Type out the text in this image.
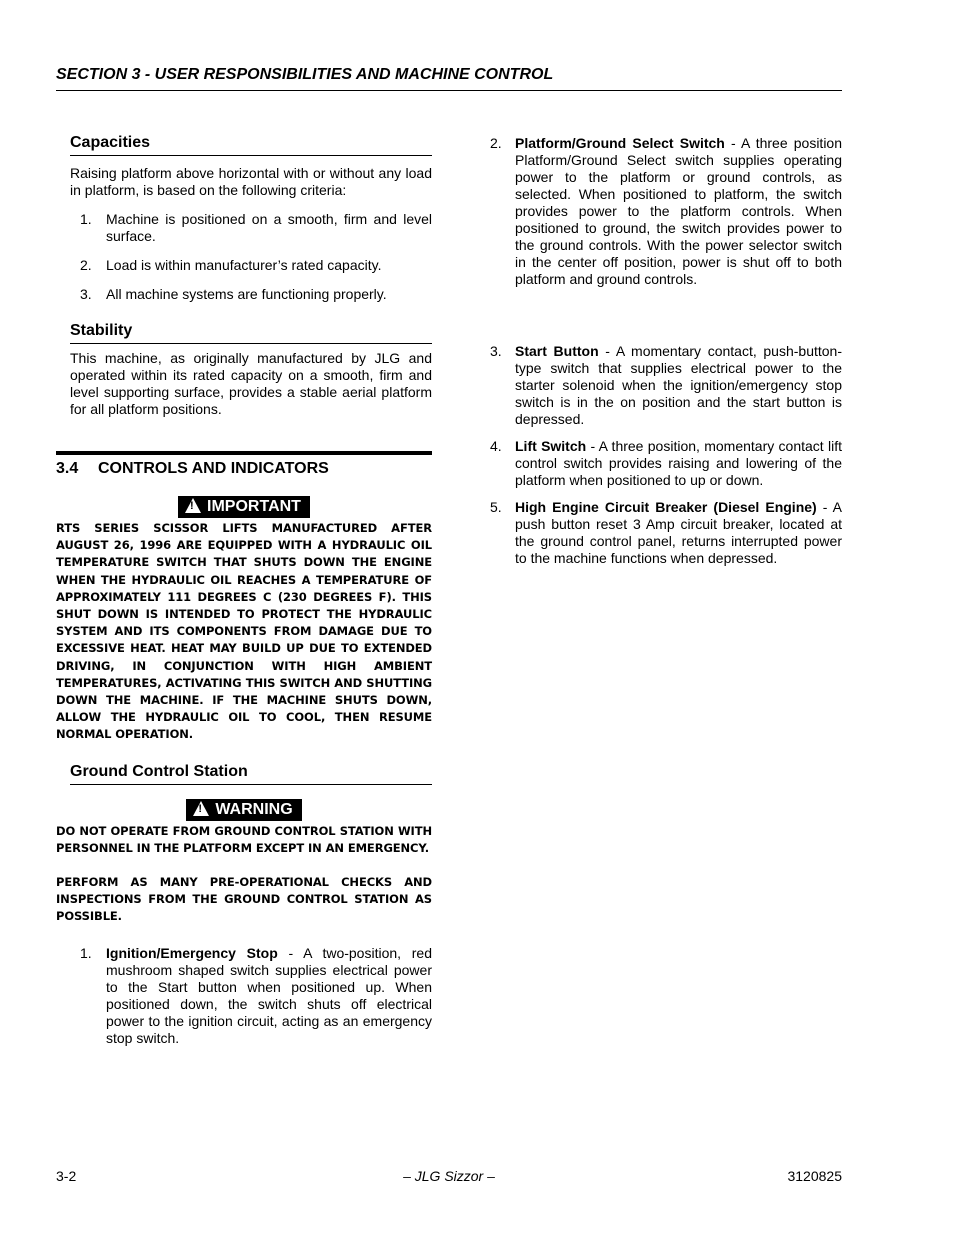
SECTION 3 - USER RESPONSIBILITIES AND MACHINE CONTROL
Capacities
Raising platform above horizontal with or without any load in platform, is based on the following criteria:
1. Machine is positioned on a smooth, firm and level surface.
2. Load is within manufacturer’s rated capacity.
3. All machine systems are functioning properly.
Stability
This machine, as originally manufactured by JLG and operated within its rated capacity on a smooth, firm and level supporting surface, provides a stable aerial platform for all platform positions.
3.4 CONTROLS AND INDICATORS
! IMPORTANT
RTS SERIES SCISSOR LIFTS MANUFACTURED AFTER AUGUST 26, 1996 ARE EQUIPPED WITH A HYDRAULIC OIL TEMPERATURE SWITCH THAT SHUTS DOWN THE ENGINE WHEN THE HYDRAULIC OIL REACHES A TEMPERATURE OF APPROXIMATELY 111 DEGREES C (230 DEGREES F). THIS SHUT DOWN IS INTENDED TO PROTECT THE HYDRAULIC SYSTEM AND ITS COMPONENTS FROM DAMAGE DUE TO EXCESSIVE HEAT. HEAT MAY BUILD UP DUE TO EXTENDED DRIVING, IN CONJUNCTION WITH HIGH AMBIENT TEMPERATURES, ACTIVATING THIS SWITCH AND SHUTTING DOWN THE MACHINE. IF THE MACHINE SHUTS DOWN, ALLOW THE HYDRAULIC OIL TO COOL, THEN RESUME NORMAL OPERATION.
Ground Control Station
! WARNING
DO NOT OPERATE FROM GROUND CONTROL STATION WITH PERSONNEL IN THE PLATFORM EXCEPT IN AN EMERGENCY.
PERFORM AS MANY PRE-OPERATIONAL CHECKS AND INSPECTIONS FROM THE GROUND CONTROL STATION AS POSSIBLE.
1. Ignition/Emergency Stop - A two-position, red mushroom shaped switch supplies electrical power to the Start button when positioned up. When positioned down, the switch shuts off electrical power to the ignition circuit, acting as an emergency stop switch.
2. Platform/Ground Select Switch - A three position Platform/Ground Select switch supplies operating power to the platform or ground controls, as selected. When positioned to platform, the switch provides power to the platform controls. When positioned to ground, the switch provides power to the ground controls. With the power selector switch in the center off position, power is shut off to both platform and ground controls.
3. Start Button - A momentary contact, push-button-type switch that supplies electrical power to the starter solenoid when the ignition/emergency stop switch is in the on position and the start button is depressed.
4. Lift Switch - A three position, momentary contact lift control switch provides raising and lowering of the platform when positioned to up or down.
5. High Engine Circuit Breaker (Diesel Engine) - A push button reset 3 Amp circuit breaker, located at the ground control panel, returns interrupted power to the machine functions when depressed.
3-2	– JLG Sizzor –	3120825
